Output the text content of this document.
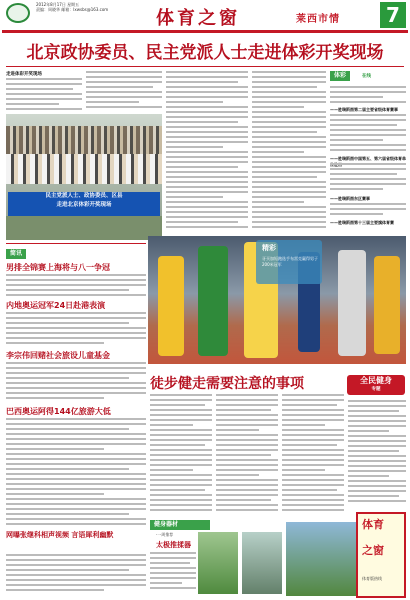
2012年8月17日 星期五
责编：周晓华 邮箱：lxwsbs@163.com	体育之窗	莱西市情	7
北京政协委员、民主党派人士走进体彩开奖现场
走进体彩开奖现场
民主党派人士、政协委员、区县
走进北京体彩开奖现场
体彩	在线
——胜瑞斯图第二届主要省级体育赛事
——胜瑞斯图中国第五、第六届省级体育单
——胜瑞斯图东区赛事
——胜瑞斯图第十三届主要旗体育赛
简讯
男排全锦赛上海将与八一争冠
内地奥运冠军24日赴港表演
李宗伟回赌社会旅设儿童基金
巴西奥运阿得144亿旅游大低
网曝张继科相声视频 言语犀利幽默
精彩
牙买加短跑选手布雷克赢得男子200米冠军
徒步健走需要注意的事项	全民健身
专题
健身器材
·一周推荐
太极推揉器
体育
之窗
体育版热线
